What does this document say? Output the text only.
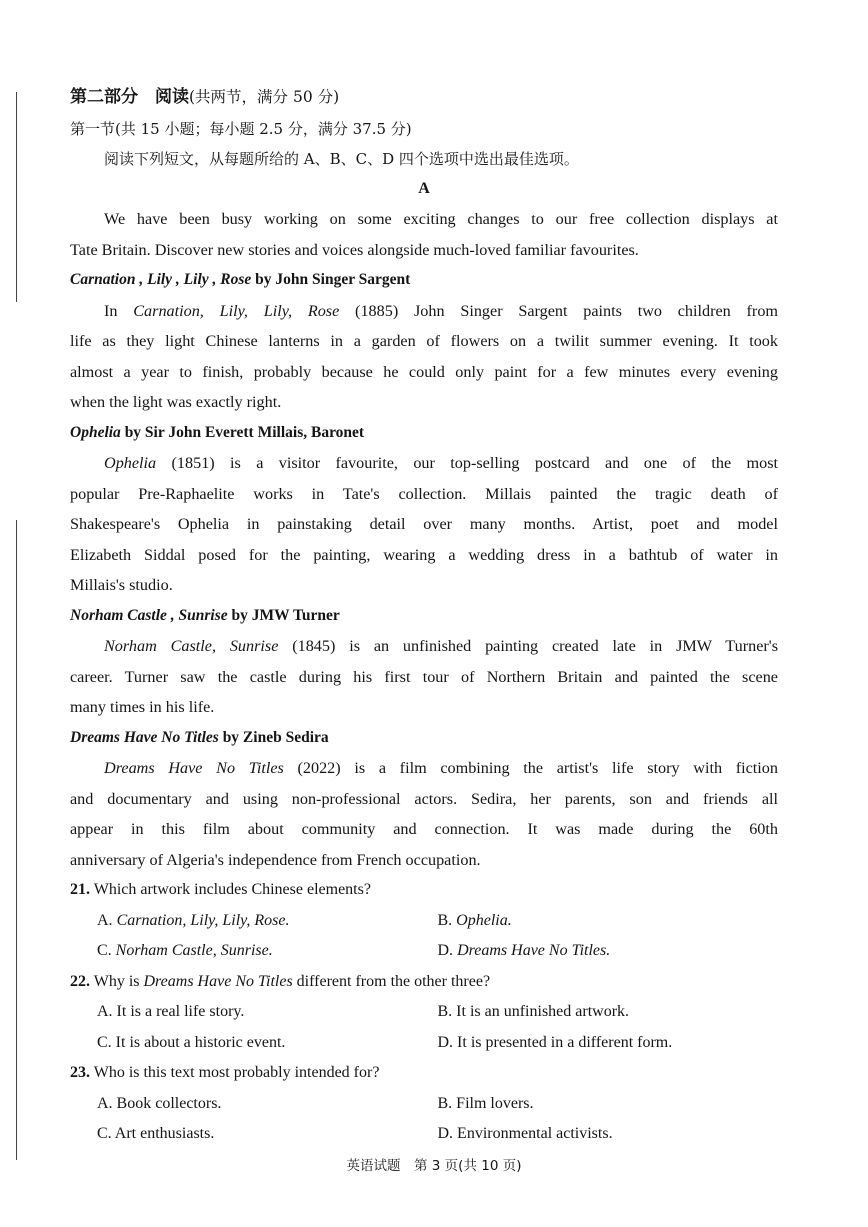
第二部分　阅读(共两节，满分 50 分)
第一节(共 15 小题；每小题 2.5 分，满分 37.5 分)
阅读下列短文，从每题所给的 A、B、C、D 四个选项中选出最佳选项。
A
We have been busy working on some exciting changes to our free collection displays at
Tate Britain. Discover new stories and voices alongside much-loved familiar favourites.
Carnation , Lily , Lily , Rose by John Singer Sargent
In Carnation, Lily, Lily, Rose (1885) John Singer Sargent paints two children from
life as they light Chinese lanterns in a garden of flowers on a twilit summer evening. It took
almost a year to finish, probably because he could only paint for a few minutes every evening
when the light was exactly right.
Ophelia by Sir John Everett Millais, Baronet
Ophelia (1851) is a visitor favourite, our top-selling postcard and one of the most
popular Pre-Raphaelite works in Tate's collection. Millais painted the tragic death of
Shakespeare's Ophelia in painstaking detail over many months. Artist, poet and model
Elizabeth Siddal posed for the painting, wearing a wedding dress in a bathtub of water in
Millais's studio.
Norham Castle , Sunrise by JMW Turner
Norham Castle, Sunrise (1845) is an unfinished painting created late in JMW Turner's
career. Turner saw the castle during his first tour of Northern Britain and painted the scene
many times in his life.
Dreams Have No Titles by Zineb Sedira
Dreams Have No Titles (2022) is a film combining the artist's life story with fiction
and documentary and using non-professional actors. Sedira, her parents, son and friends all
appear in this film about community and connection. It was made during the 60th
anniversary of Algeria's independence from French occupation.
21. Which artwork includes Chinese elements?
A. Carnation, Lily, Lily, Rose.	B. Ophelia.
C. Norham Castle, Sunrise.	D. Dreams Have No Titles.
22. Why is Dreams Have No Titles different from the other three?
A. It is a real life story.	B. It is an unfinished artwork.
C. It is about a historic event.	D. It is presented in a different form.
23. Who is this text most probably intended for?
A. Book collectors.	B. Film lovers.
C. Art enthusiasts.	D. Environmental activists.
英语试题　第 3 页(共 10 页)
